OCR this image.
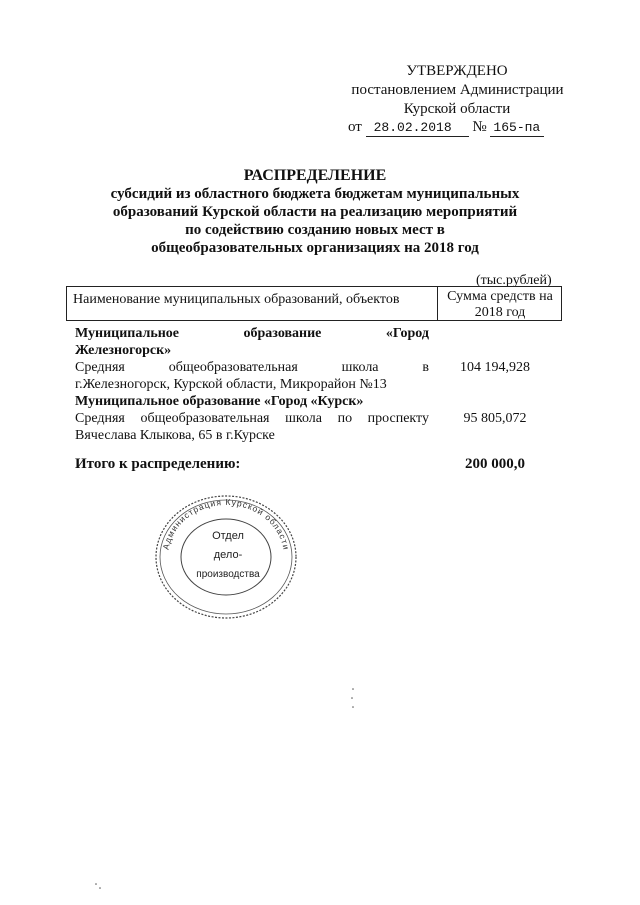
УТВЕРЖДЕНО
постановлением Администрации
Курской области
от 28.02.2018 № 165-па
РАСПРЕДЕЛЕНИЕ
субсидий из областного бюджета бюджетам муниципальных
образований Курской области на реализацию мероприятий
по содействию созданию новых мест в
общеобразовательных организациях на 2018 год
(тыс.рублей)
Наименование муниципальных образований, объектов	Сумма средств на 2018 год
Муниципальное образование «Город
Железногорск»
Средняя общеобразовательная школа в
г.Железногорск, Курской области, Микрорайон №13
104 194,928
Муниципальное образование «Город «Курск»
Средняя общеобразовательная школа по проспекту
Вячеслава Клыкова, 65 в г.Курске
95 805,072
Итого к распределению:	200 000,0
Администрация Курской области
Отдел
дело-
производства
